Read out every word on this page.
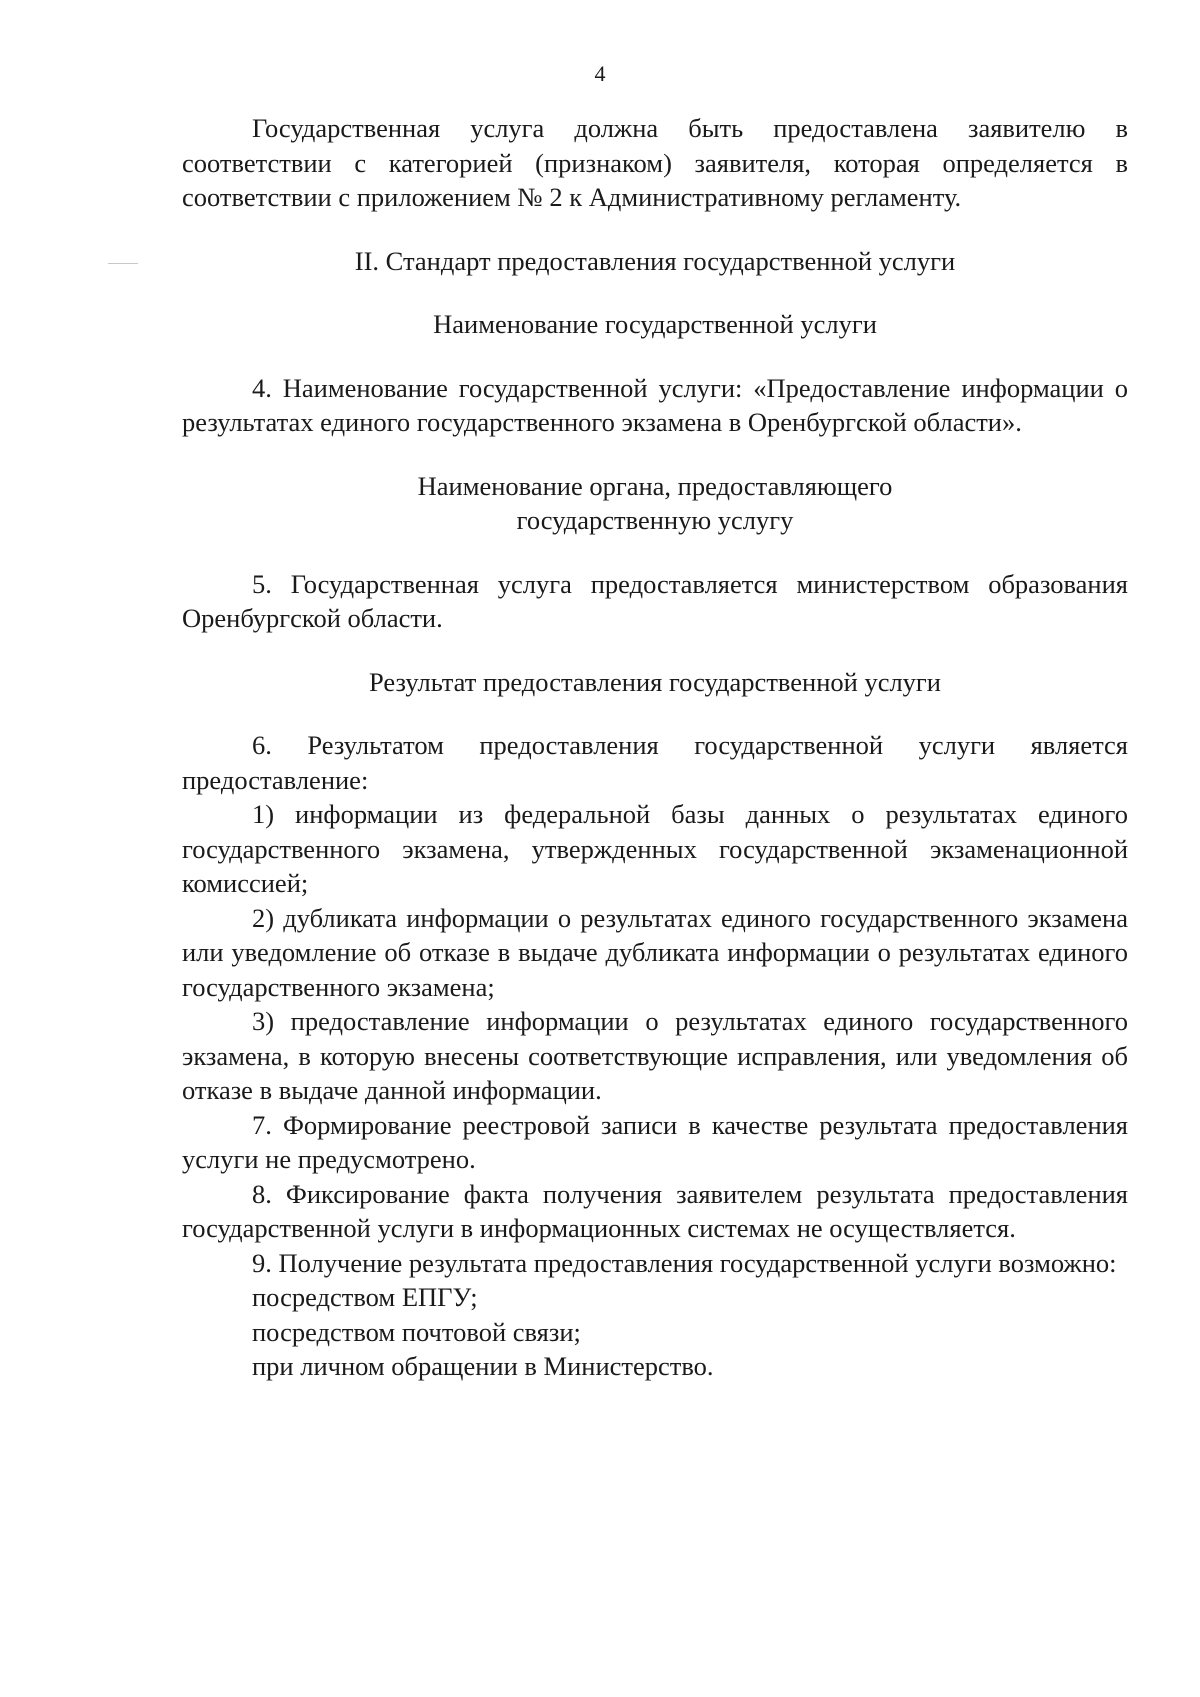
4

Государственная услуга должна быть предоставлена заявителю в соответствии с категорией (признаком) заявителя, которая определяется в соответствии с приложением № 2 к Административному регламенту.

II. Стандарт предоставления государственной услуги

Наименование государственной услуги

4. Наименование государственной услуги: «Предоставление информации о результатах единого государственного экзамена в Оренбургской области».

Наименование органа, предоставляющего
государственную услугу

5. Государственная услуга предоставляется министерством образования Оренбургской области.

Результат предоставления государственной услуги

6. Результатом предоставления государственной услуги является предоставление:

1) информации из федеральной базы данных о результатах единого государственного экзамена, утвержденных государственной экзаменационной комиссией;

2) дубликата информации о результатах единого государственного экзамена или уведомление об отказе в выдаче дубликата информации о результатах единого государственного экзамена;

3) предоставление информации о результатах единого государственного экзамена, в которую внесены соответствующие исправления, или уведомления об отказе в выдаче данной информации.

7. Формирование реестровой записи в качестве результата предоставления услуги не предусмотрено.

8. Фиксирование факта получения заявителем результата предоставления государственной услуги в информационных системах не осуществляется.

9. Получение результата предоставления государственной услуги возможно:

посредством ЕПГУ;

посредством почтовой связи;

при личном обращении в Министерство.
